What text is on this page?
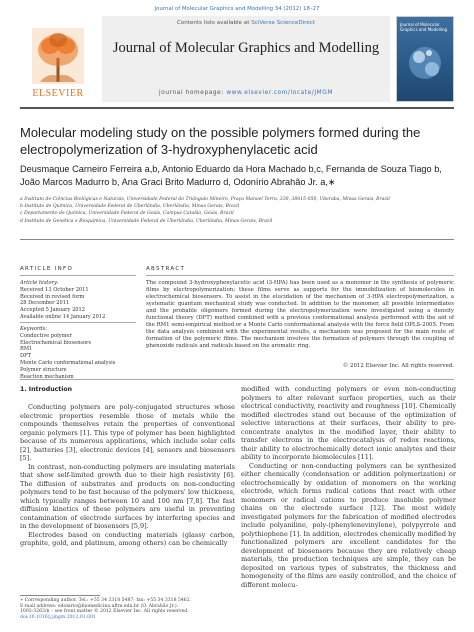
Journal of Molecular Graphics and Modelling 34 (2012) 18–27
ELSEVIER
Contents lists available at SciVerse ScienceDirect
Journal of Molecular Graphics and Modelling
journal homepage: www.elsevier.com/locate/JMGM
Journal of Molecular Graphics and Modelling
Molecular modeling study on the possible polymers formed during the electropolymerization of 3-hydroxyphenylacetic acid
Deusmaque Carneiro Ferreira a,b, Antonio Eduardo da Hora Machado b,c, Fernanda de Souza Tiago b, João Marcos Madurro b, Ana Graci Brito Madurro d, Odonírio Abrahão Jr. a,∗
a Instituto de Ciências Biológicas e Naturais, Universidade Federal do Triângulo Mineiro, Praça Manoel Terra, 330, 38015-050, Uberaba, Minas Gerais, Brazil
b Instituto de Química, Universidade Federal de Uberlândia, Uberlândia, Minas Gerais, Brazil
c Departamento de Química, Universidade Federal de Goiás, Campus Catalão, Goiás, Brazil
d Instituto de Genética e Bioquímica, Universidade Federal de Uberlândia, Uberlândia, Minas Gerais, Brazil
ARTICLE INFO	ABSTRACT
Article history:
Received 13 October 2011
Received in revised form
28 December 2011
Accepted 5 January 2012
Available online 14 January 2012
Keywords:
Conductive polymer
Electrochemical biosensors
RM1
DFT
Monte Carlo conformational analysis
Polymer structure
Reaction mechanism
The compound 3-hydroxyphenylacetic acid (3-HPA) has been used as a monomer in the synthesis of polymeric films by electropolymerization; these films serve as supports for the immobilization of biomolecules in electrochemical biosensors. To assist in the elucidation of the mechanism of 3-HPA electropolymerization, a systematic quantum mechanical study was conducted. In addition to the monomer, all possible intermediates and the probable oligomers formed during the electropolymerization were investigated using a density functional theory (DFT) method combined with a previous conformational analysis performed with the aid of the RM1 semi-empirical method or a Monte Carlo conformational analysis with the force field OPLS-2005. From the data analysis combined with the experimental results, a mechanism was proposed for the main route of formation of the polymeric films. The mechanism involves the formation of polymers through the coupling of phenoxide radicals and radicals based on the aromatic ring.
© 2012 Elsevier Inc. All rights reserved.
1. Introduction

Conducting polymers are poly-conjugated structures whose electronic properties resemble those of metals while the compounds themselves retain the properties of conventional organic polymers [1]. This type of polymer has been highlighted because of its numerous applications, which include solar cells [2], batteries [3], electronic devices [4], sensors and biosensors [5].

In contrast, non-conducting polymers are insulating materials that show self-limited growth due to their high resistivity [6]. The diffusion of substrates and products on non-conducting polymers tend to be fast because of the polymers' low thickness, which typically ranges between 10 and 100 nm [7,8]. The fast diffusion kinetics of these polymers are useful in preventing contamination of electrode surfaces by interfering species and in the development of biosensors [5,9].

Electrodes based on conducting materials (glassy carbon, graphite, gold, and platinum, among others) can be chemically

modified with conducting polymers or even non-conducting polymers to alter relevant surface properties, such as their electrical conductivity, reactivity and roughness [10]. Chemically modified electrodes stand out because of the optimization of selective interactions at their surfaces, their ability to pre-concentrate analytes in the modified layer, their ability to transfer electrons in the electrocatalysis of redox reactions, their ability to electrochemically detect ionic analytes and their ability to incorporate biomolecules [11].

Conducting or non-conducting polymers can be synthesized either chemically (condensation or addition polymerization) or electrochemically by oxidation of monomers on the working electrode, which forms radical cations that react with other monomers or radical cations to produce insoluble polymer chains on the electrode surface [12]. The most widely investigated polymers for the fabrication of modified electrodes include polyaniline, poly-(phenylenevinylene), polypyrrole and polythiophene [1]. In addition, electrodes chemically modified by functionalized polymers are excellent candidates for the development of biosensors because they are relatively cheap materials, the production techniques are simple, they can be deposited on various types of substrates, the thickness and homogeneity of the films are easily controlled, and the choice of different molecu-

∗ Corresponding author. Tel.: +55 34 3318 5487; fax: +55 34 3318 5462.
E-mail address: odonirio@biomedicina.uftm.edu.br (O. Abrahão Jr.).
1093-3263/$ – see front matter © 2012 Elsevier Inc. All rights reserved.
doi:10.1016/j.jmgm.2012.01.001
